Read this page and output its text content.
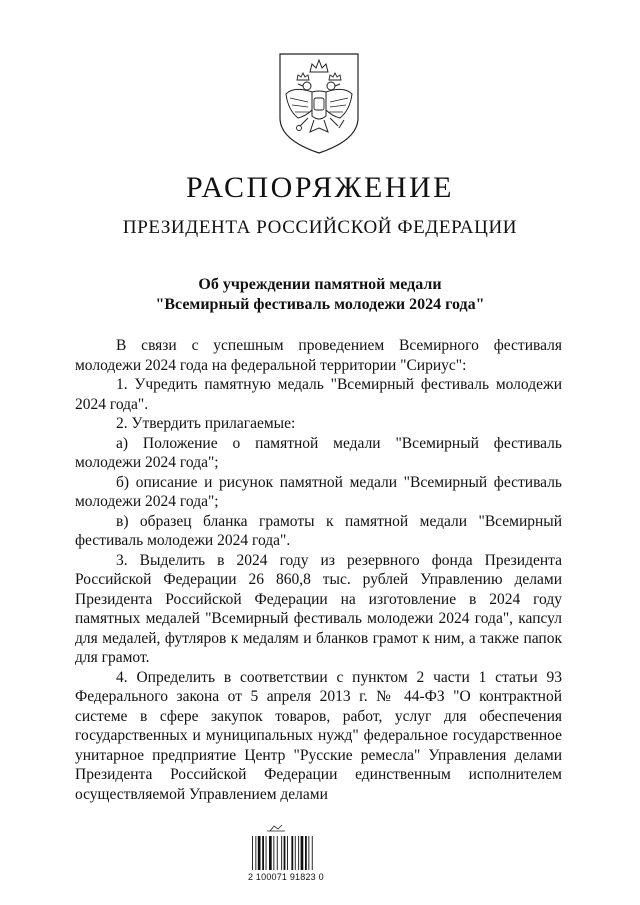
РАСПОРЯЖЕНИЕ
ПРЕЗИДЕНТА РОССИЙСКОЙ ФЕДЕРАЦИИ
Об учреждении памятной медали
"Всемирный фестиваль молодежи 2024 года"

В связи с успешным проведением Всемирного фестиваля молодежи 2024 года на федеральной территории "Сириус":

1. Учредить памятную медаль "Всемирный фестиваль молодежи 2024 года".

2. Утвердить прилагаемые:

а) Положение о памятной медали "Всемирный фестиваль молодежи 2024 года";

б) описание и рисунок памятной медали "Всемирный фестиваль молодежи 2024 года";

в) образец бланка грамоты к памятной медали "Всемирный фестиваль молодежи 2024 года".

3. Выделить в 2024 году из резервного фонда Президента Российской Федерации 26 860,8 тыс. рублей Управлению делами Президента Российской Федерации на изготовление в 2024 году памятных медалей "Всемирный фестиваль молодежи 2024 года", капсул для медалей, футляров к медалям и бланков грамот к ним, а также папок для грамот.

4. Определить в соответствии с пунктом 2 части 1 статьи 93 Федерального закона от 5 апреля 2013 г. № 44-ФЗ "О контрактной системе в сфере закупок товаров, работ, услуг для обеспечения государственных и муниципальных нужд" федеральное государственное унитарное предприятие Центр "Русские ремесла" Управления делами Президента Российской Федерации единственным исполнителем осуществляемой Управлением делами

2 100071 91823 0
